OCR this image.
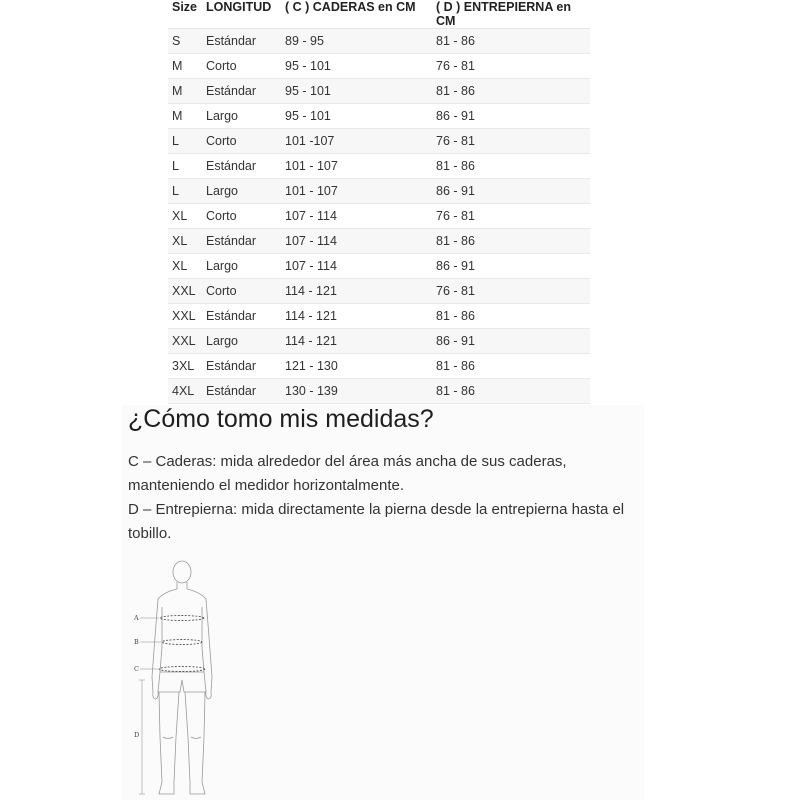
Size	LONGITUD	( C ) CADERAS en CM	( D ) ENTREPIERNA en CM
S	Estándar	89 - 95	81 - 86
M	Corto	95 - 101	76 - 81
M	Estándar	95 - 101	81 - 86
M	Largo	95 - 101	86 - 91
L	Corto	101 -107	76 - 81
L	Estándar	101 - 107	81 - 86
L	Largo	101 - 107	86 - 91
XL	Corto	107 - 114	76 - 81
XL	Estándar	107 - 114	81 - 86
XL	Largo	107 - 114	86 - 91
XXL	Corto	114 - 121	76 - 81
XXL	Estándar	114 - 121	81 - 86
XXL	Largo	114 - 121	86 - 91
3XL	Estándar	121 - 130	81 - 86
4XL	Estándar	130 - 139	81 - 86
¿Cómo tomo mis medidas?

C – Caderas: mida alrededor del área más ancha de sus caderas, manteniendo el medidor horizontalmente.
D – Entrepierna: mida directamente la pierna desde la entrepierna hasta el tobillo.

A
B
C
D
